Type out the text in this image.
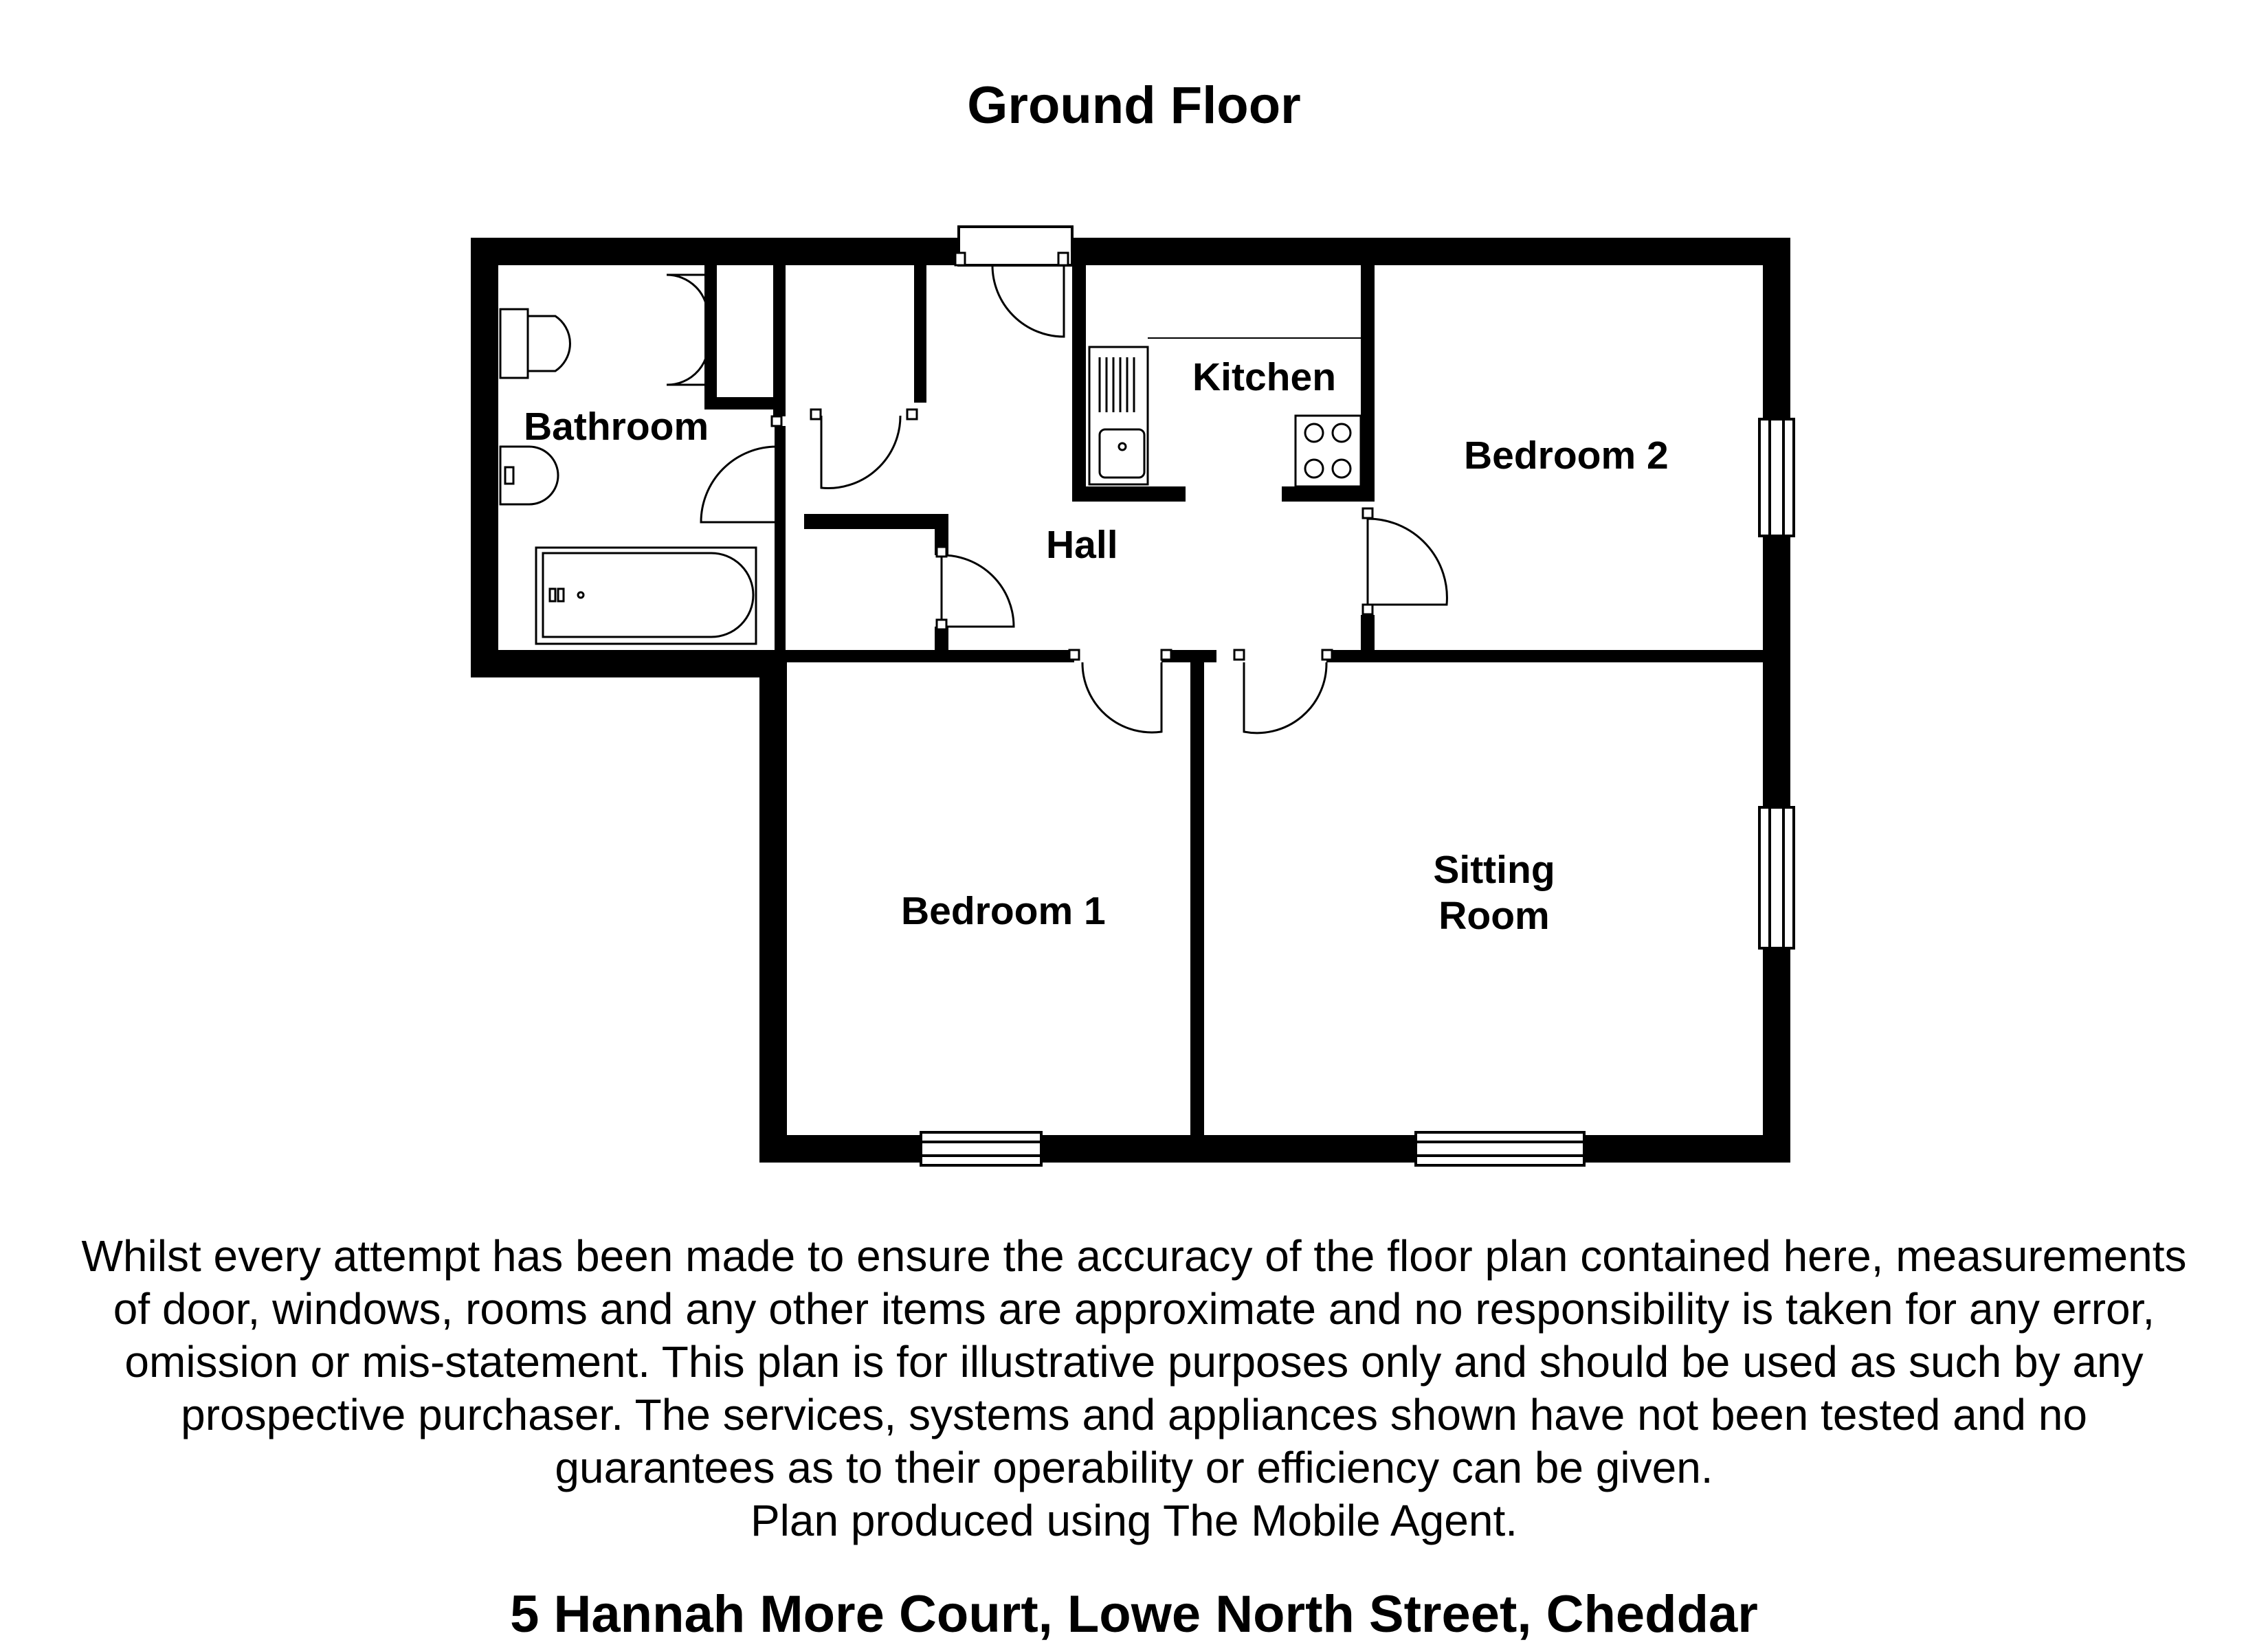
Ground Floor
Bathroom
Kitchen
Bedroom 2
Hall
Bedroom 1
Sitting
Room
Whilst every attempt has been made to ensure the accuracy of the floor plan contained here, measurements
of door, windows, rooms and any other items are approximate and no responsibility is taken for any error,
omission or mis-statement. This plan is for illustrative purposes only and should be used as such by any
prospective purchaser. The services, systems and appliances shown have not been tested and no
guarantees as to their operability or efficiency can be given.
Plan produced using The Mobile Agent.
5 Hannah More Court, Lowe North Street, Cheddar
